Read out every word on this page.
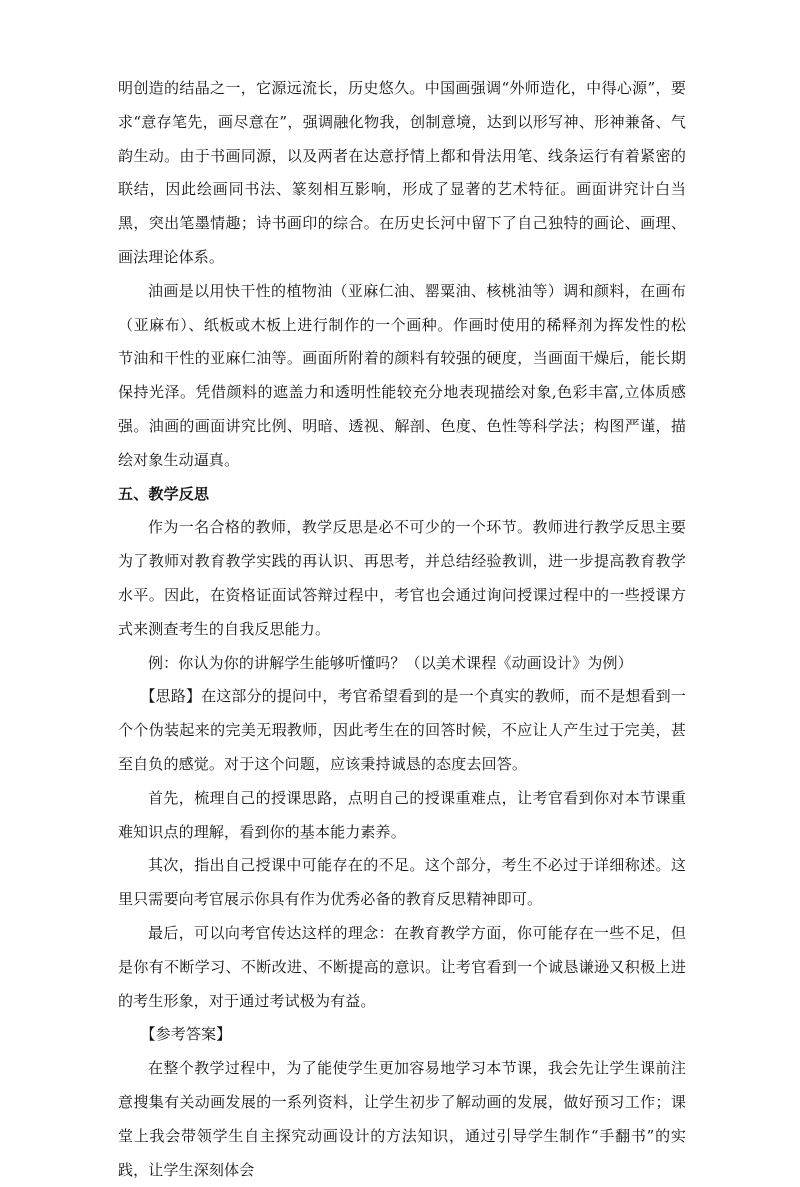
明创造的结晶之一，它源远流长，历史悠久。中国画强调“外师造化，中得心源”，要求“意存笔先，画尽意在”，强调融化物我，创制意境，达到以形写神、形神兼备、气韵生动。由于书画同源，以及两者在达意抒情上都和骨法用笔、线条运行有着紧密的联结，因此绘画同书法、篆刻相互影响，形成了显著的艺术特征。画面讲究计白当黑，突出笔墨情趣；诗书画印的综合。在历史长河中留下了自己独特的画论、画理、画法理论体系。

油画是以用快干性的植物油（亚麻仁油、罂粟油、核桃油等）调和颜料，在画布（亚麻布）、纸板或木板上进行制作的一个画种。作画时使用的稀释剂为挥发性的松节油和干性的亚麻仁油等。画面所附着的颜料有较强的硬度，当画面干燥后，能长期保持光泽。凭借颜料的遮盖力和透明性能较充分地表现描绘对象,色彩丰富,立体质感强。油画的画面讲究比例、明暗、透视、解剖、色度、色性等科学法；构图严谨，描绘对象生动逼真。

五、教学反思

作为一名合格的教师，教学反思是必不可少的一个环节。教师进行教学反思主要为了教师对教育教学实践的再认识、再思考，并总结经验教训，进一步提高教育教学水平。因此，在资格证面试答辩过程中，考官也会通过询问授课过程中的一些授课方式来测查考生的自我反思能力。

例：你认为你的讲解学生能够听懂吗？（以美术课程《动画设计》为例）

【思路】在这部分的提问中，考官希望看到的是一个真实的教师，而不是想看到一个个伪装起来的完美无瑕教师，因此考生在的回答时候，不应让人产生过于完美，甚至自负的感觉。对于这个问题，应该秉持诚恳的态度去回答。

首先，梳理自己的授课思路，点明自己的授课重难点，让考官看到你对本节课重难知识点的理解，看到你的基本能力素养。

其次，指出自己授课中可能存在的不足。这个部分，考生不必过于详细称述。这里只需要向考官展示你具有作为优秀必备的教育反思精神即可。

最后，可以向考官传达这样的理念：在教育教学方面，你可能存在一些不足，但是你有不断学习、不断改进、不断提高的意识。让考官看到一个诚恳谦逊又积极上进的考生形象，对于通过考试极为有益。

【参考答案】

在整个教学过程中，为了能使学生更加容易地学习本节课，我会先让学生课前注意搜集有关动画发展的一系列资料，让学生初步了解动画的发展，做好预习工作；课堂上我会带领学生自主探究动画设计的方法知识，通过引导学生制作“手翻书”的实践，让学生深刻体会
